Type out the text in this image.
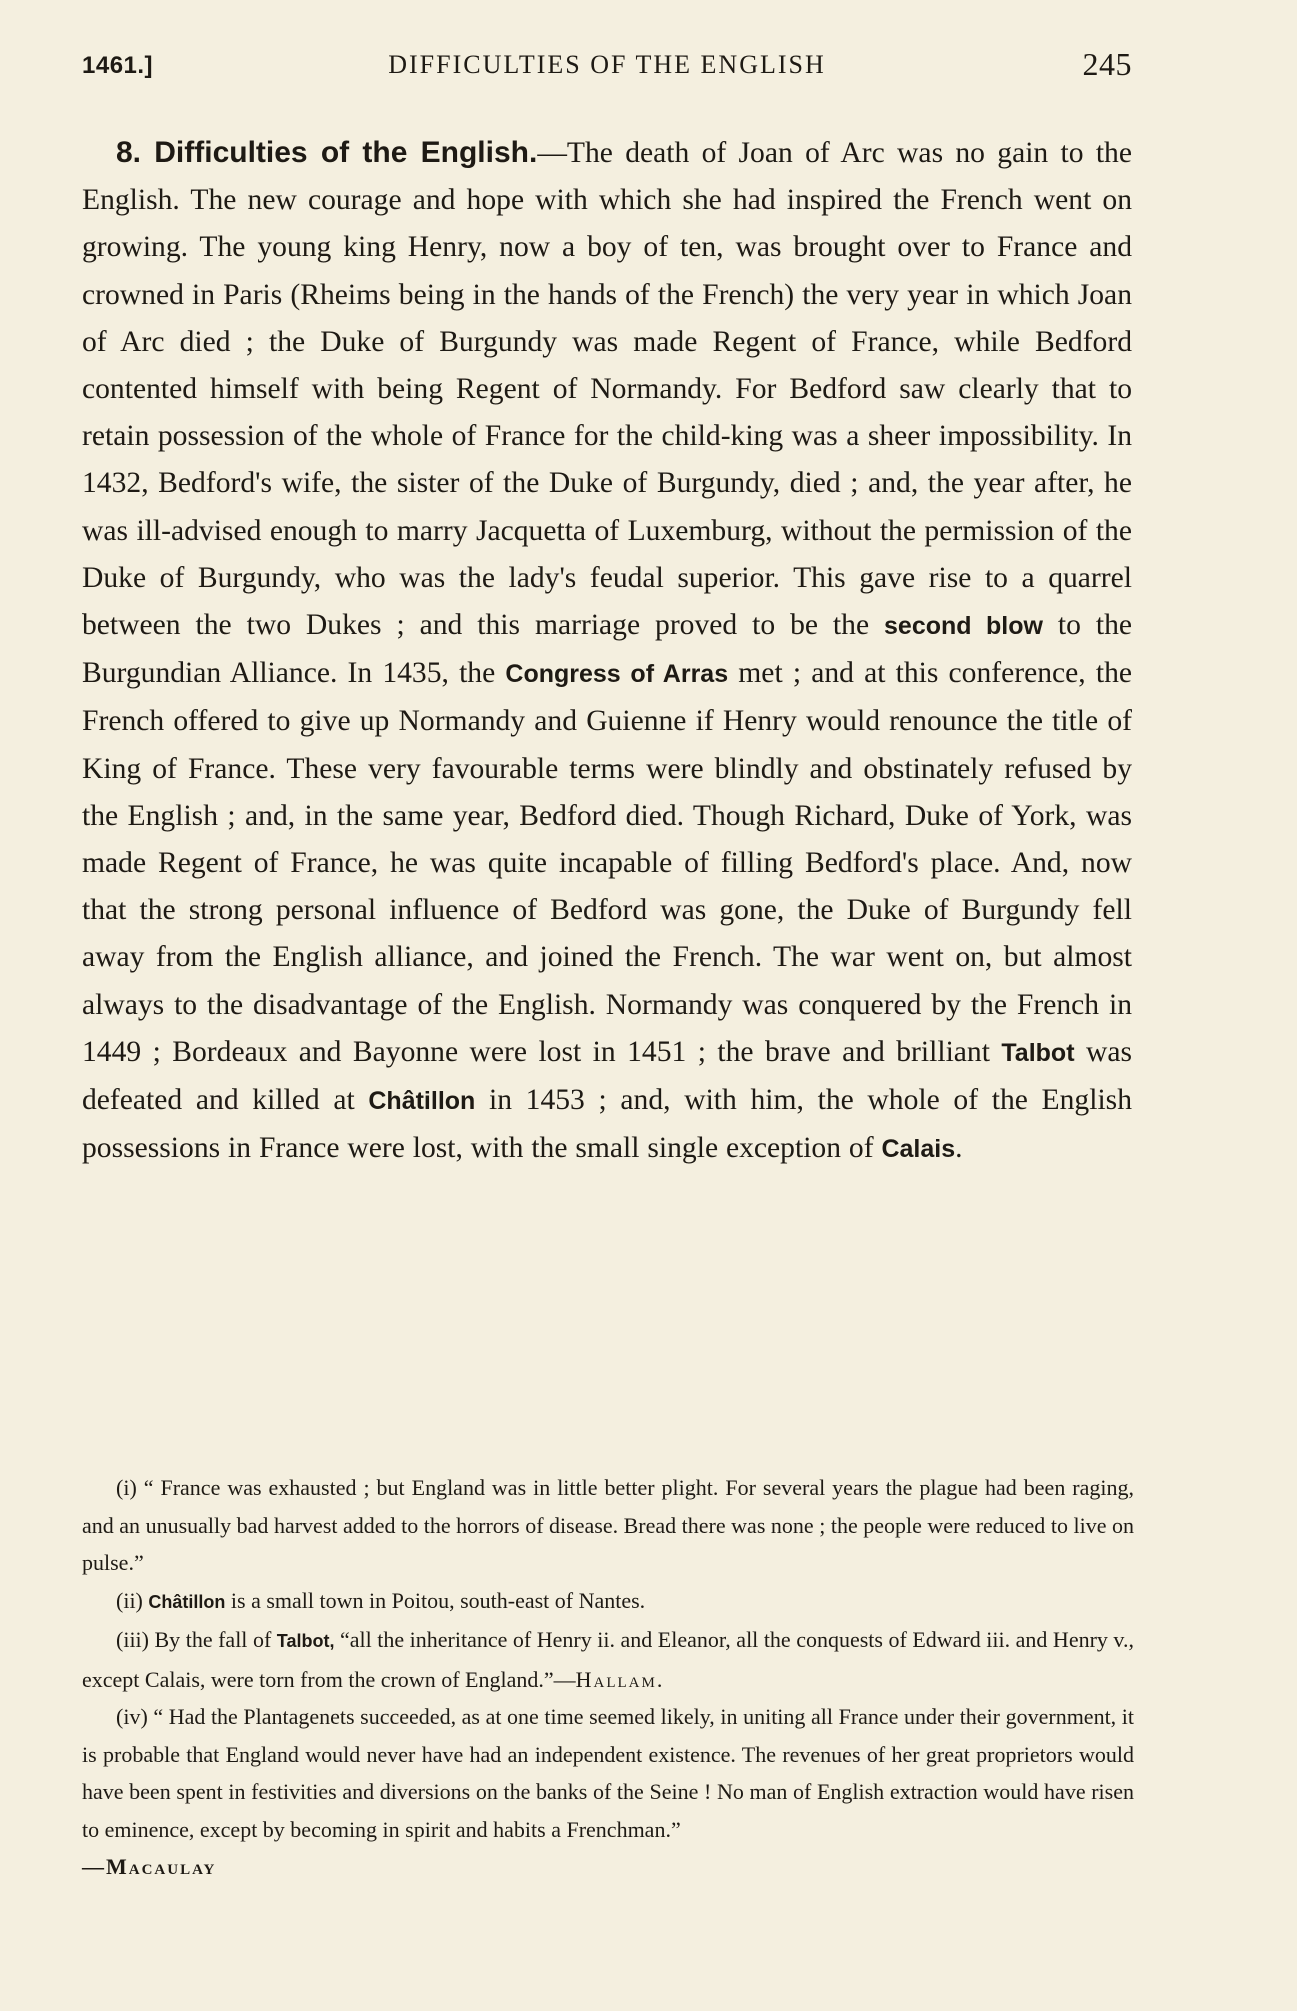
1461.]	DIFFICULTIES OF THE ENGLISH	245

8. Difficulties of the English.—The death of Joan of Arc was no gain to the English. The new courage and hope with which she had inspired the French went on growing. The young king Henry, now a boy of ten, was brought over to France and crowned in Paris (Rheims being in the hands of the French) the very year in which Joan of Arc died ; the Duke of Burgundy was made Regent of France, while Bedford contented himself with being Regent of Normandy. For Bedford saw clearly that to retain possession of the whole of France for the child-king was a sheer impossibility. In 1432, Bedford's wife, the sister of the Duke of Burgundy, died ; and, the year after, he was ill-advised enough to marry Jacquetta of Luxemburg, without the permission of the Duke of Burgundy, who was the lady's feudal superior. This gave rise to a quarrel between the two Dukes ; and this marriage proved to be the second blow to the Burgundian Alliance. In 1435, the Congress of Arras met ; and at this conference, the French offered to give up Normandy and Guienne if Henry would renounce the title of King of France. These very favourable terms were blindly and obstinately refused by the English ; and, in the same year, Bedford died. Though Richard, Duke of York, was made Regent of France, he was quite incapable of filling Bedford's place. And, now that the strong personal influence of Bedford was gone, the Duke of Burgundy fell away from the English alliance, and joined the French. The war went on, but almost always to the disadvantage of the English. Normandy was conquered by the French in 1449 ; Bordeaux and Bayonne were lost in 1451 ; the brave and brilliant Talbot was defeated and killed at Châtillon in 1453 ; and, with him, the whole of the English possessions in France were lost, with the small single exception of Calais.

(i) “ France was exhausted ; but England was in little better plight. For several years the plague had been raging, and an unusually bad harvest added to the horrors of disease. Bread there was none ; the people were reduced to live on pulse.”

(ii) Châtillon is a small town in Poitou, south-east of Nantes.

(iii) By the fall of Talbot, “all the inheritance of Henry ii. and Eleanor, all the conquests of Edward iii. and Henry v., except Calais, were torn from the crown of England.”—Hallam.

(iv) “ Had the Plantagenets succeeded, as at one time seemed likely, in uniting all France under their government, it is probable that England would never have had an independent existence. The revenues of her great proprietors would have been spent in festivities and diversions on the banks of the Seine ! No man of English extraction would have risen to eminence, except by becoming in spirit and habits a Frenchman.”

—Macaulay
